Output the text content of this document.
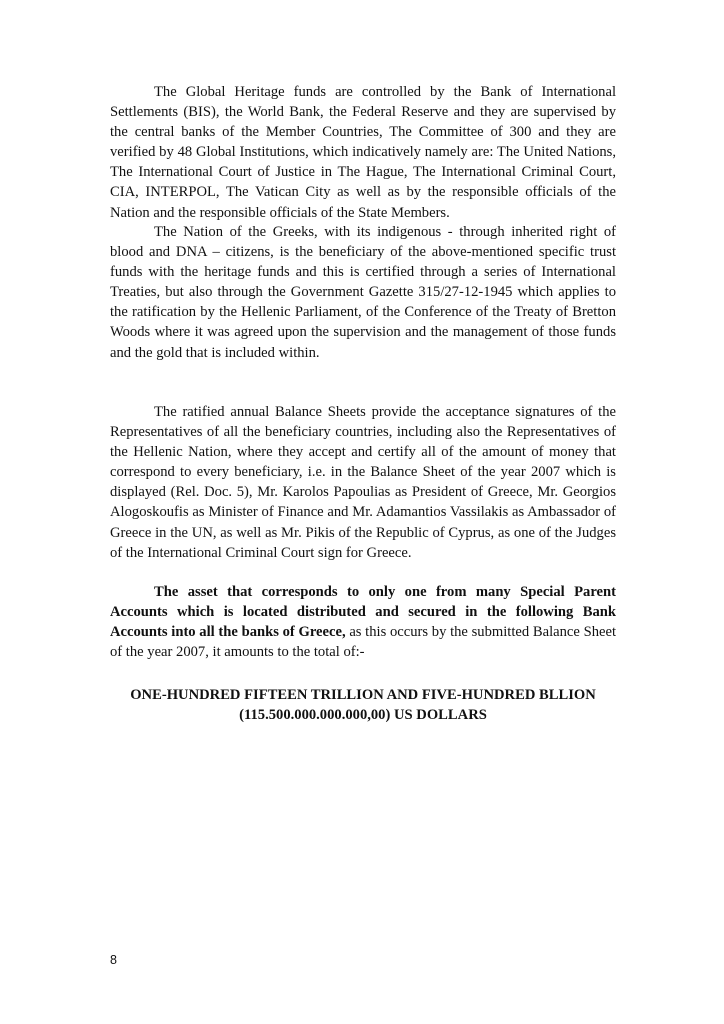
The Global Heritage funds are controlled by the Bank of International Settlements (BIS), the World Bank, the Federal Reserve and they are supervised by the central banks of the Member Countries, The Committee of 300 and they are verified by 48 Global Institutions, which indicatively namely are: The United Nations, The International Court of Justice in The Hague, The International Criminal Court, CIA, INTERPOL, The Vatican City as well as by the responsible officials of the Nation and the responsible officials of the State Members.

The Nation of the Greeks, with its indigenous - through inherited right of blood and DNA – citizens, is the beneficiary of the above-mentioned specific trust funds with the heritage funds and this is certified through a series of International Treaties, but also through the Government Gazette 315/27-12-1945 which applies to the ratification by the Hellenic Parliament, of the Conference of the Treaty of Bretton Woods where it was agreed upon the supervision and the management of those funds and the gold that is included within.

The ratified annual Balance Sheets provide the acceptance signatures of the Representatives of all the beneficiary countries, including also the Representatives of the Hellenic Nation, where they accept and certify all of the amount of money that correspond to every beneficiary, i.e. in the Balance Sheet of the year 2007 which is displayed (Rel. Doc. 5), Mr. Karolos Papoulias as President of Greece, Mr. Georgios Alogoskoufis as Minister of Finance and Mr. Adamantios Vassilakis as Ambassador of Greece in the UN, as well as Mr. Pikis of the Republic of Cyprus, as one of the Judges of the International Criminal Court sign for Greece.

The asset that corresponds to only one from many Special Parent Accounts which is located distributed and secured in the following Bank Accounts into all the banks of Greece, as this occurs by the submitted Balance Sheet of the year 2007, it amounts to the total of:-

ONE-HUNDRED FIFTEEN TRILLION AND FIVE-HUNDRED BLLION
(115.500.000.000.000,00) US DOLLARS

8
